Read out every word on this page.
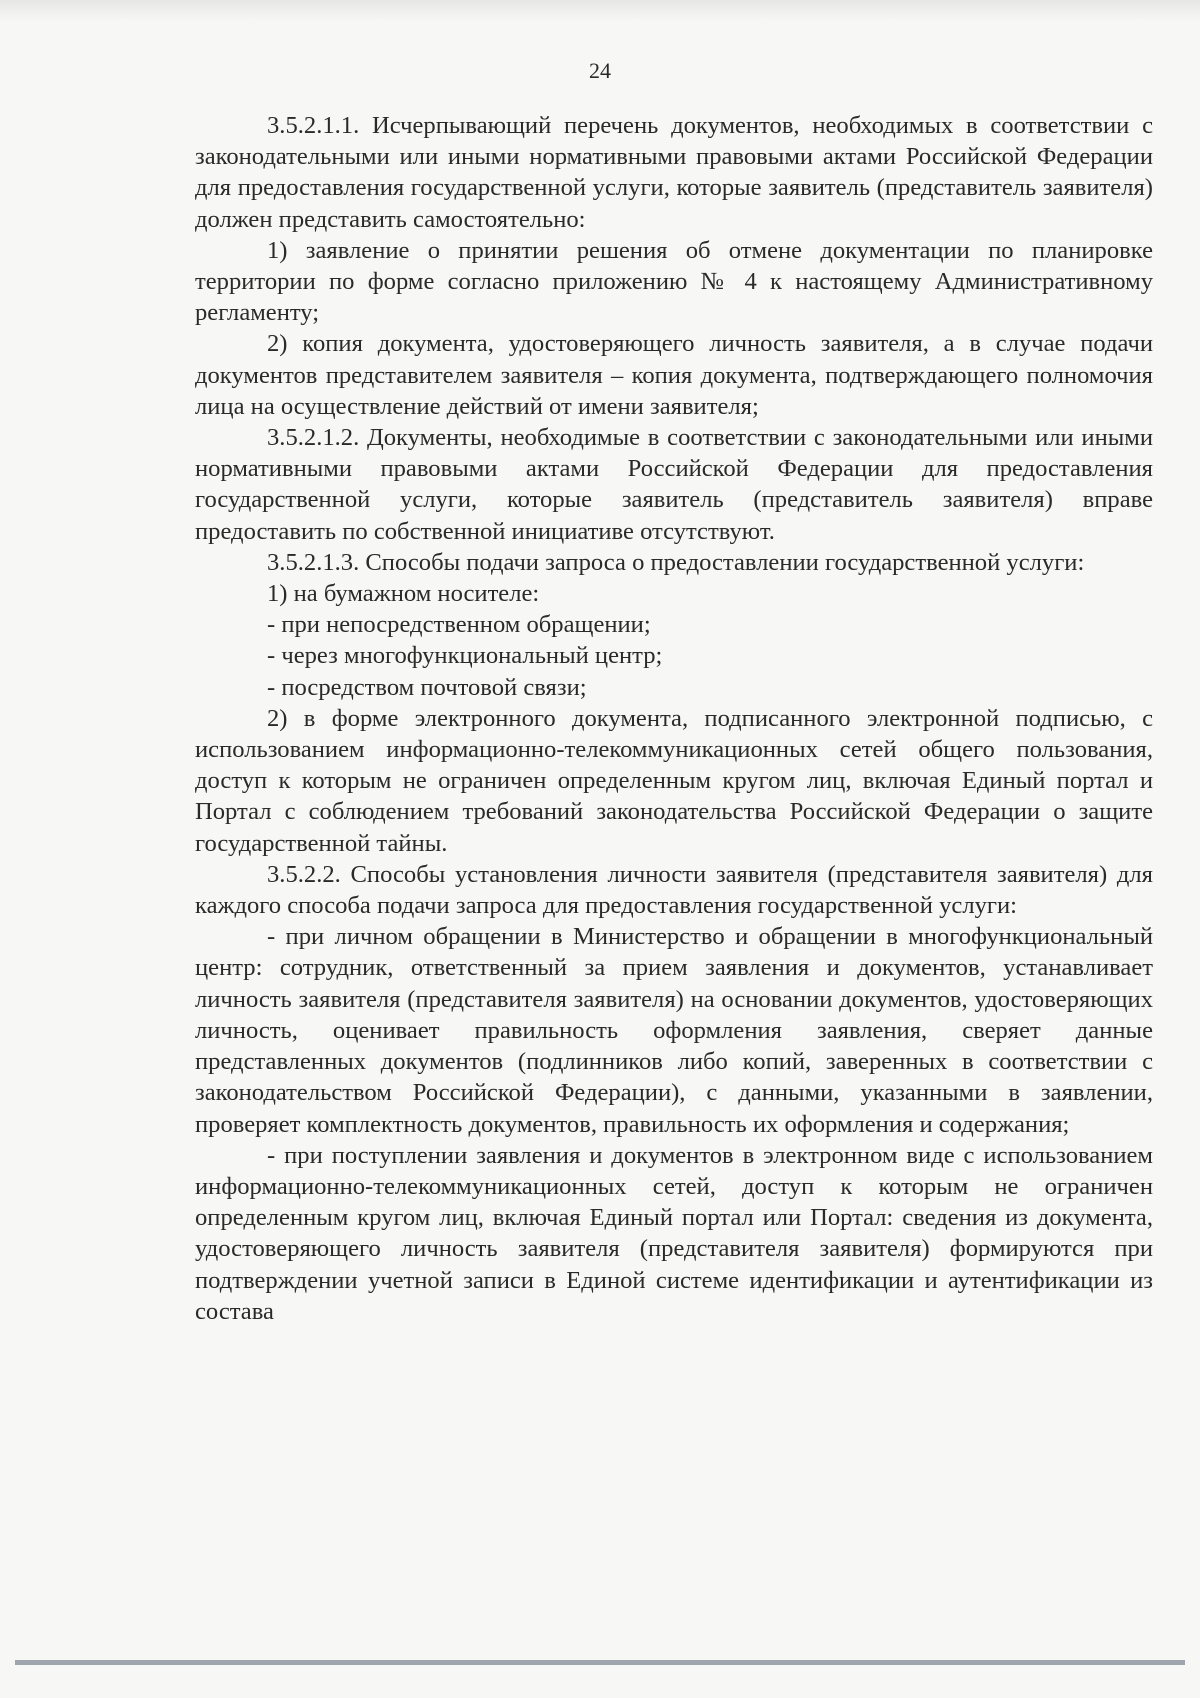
24

3.5.2.1.1. Исчерпывающий перечень документов, необходимых в соответствии с законодательными или иными нормативными правовыми актами Российской Федерации для предоставления государственной услуги, которые заявитель (представитель заявителя) должен представить самостоятельно:

1) заявление о принятии решения об отмене документации по планировке территории по форме согласно приложению № 4 к настоящему Административному регламенту;

2) копия документа, удостоверяющего личность заявителя, а в случае подачи документов представителем заявителя – копия документа, подтверждающего полномочия лица на осуществление действий от имени заявителя;

3.5.2.1.2. Документы, необходимые в соответствии с законодательными или иными нормативными правовыми актами Российской Федерации для предоставления государственной услуги, которые заявитель (представитель заявителя) вправе предоставить по собственной инициативе отсутствуют.

3.5.2.1.3. Способы подачи запроса о предоставлении государственной услуги:

1) на бумажном носителе:

- при непосредственном обращении;

- через многофункциональный центр;

- посредством почтовой связи;

2) в форме электронного документа, подписанного электронной подписью, с использованием информационно-телекоммуникационных сетей общего пользования, доступ к которым не ограничен определенным кругом лиц, включая Единый портал и Портал с соблюдением требований законодательства Российской Федерации о защите государственной тайны.

3.5.2.2. Способы установления личности заявителя (представителя заявителя) для каждого способа подачи запроса для предоставления государственной услуги:

- при личном обращении в Министерство и обращении в многофункциональный центр: сотрудник, ответственный за прием заявления и документов, устанавливает личность заявителя (представителя заявителя) на основании документов, удостоверяющих личность, оценивает правильность оформления заявления, сверяет данные представленных документов (подлинников либо копий, заверенных в соответствии с законодательством Российской Федерации), с данными, указанными в заявлении, проверяет комплектность документов, правильность их оформления и содержания;

- при поступлении заявления и документов в электронном виде с использованием информационно-телекоммуникационных сетей, доступ к которым не ограничен определенным кругом лиц, включая Единый портал или Портал: сведения из документа, удостоверяющего личность заявителя (представителя заявителя) формируются при подтверждении учетной записи в Единой системе идентификации и аутентификации из состава
